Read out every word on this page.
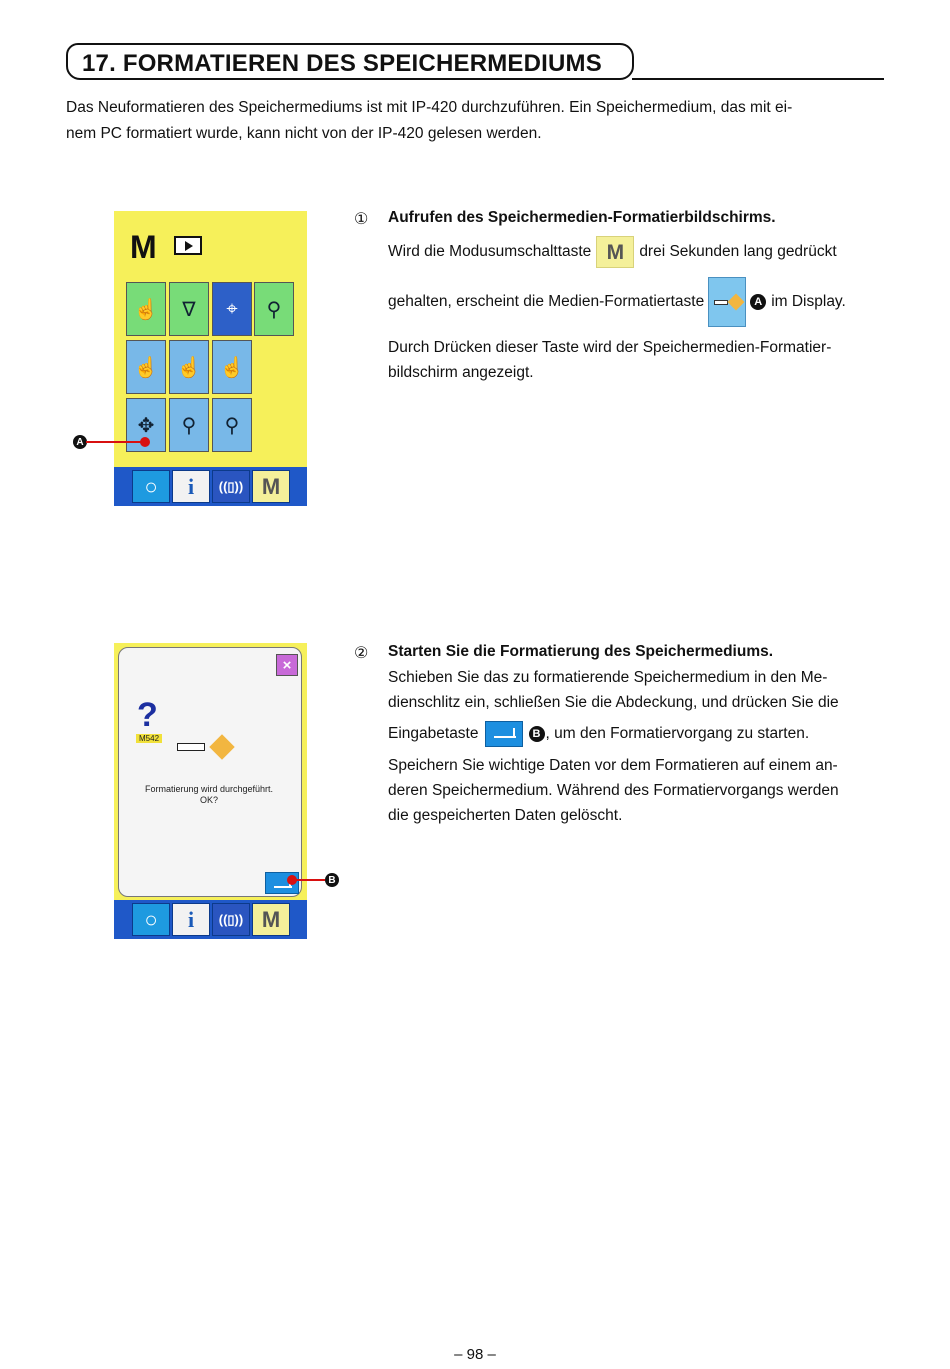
17. FORMATIEREN DES SPEICHERMEDIUMS
Das Neuformatieren des Speichermediums ist mit IP-420 durchzuführen. Ein Speichermedium, das mit ei-
nem PC formatiert wurde, kann nicht von der IP-420 gelesen werden.
M
☝	∇	⌖	⚲
☝ ☝ ☝
✥	⚲	⚲
○ i ((▯)) M
A
① Aufrufen des Speichermedien-Formatierbildschirms.
Wird die Modusumschalttaste M drei Sekunden lang gedrückt
gehalten, erscheint die Medien-Formatiertaste	A im Display.
Durch Drücken dieser Taste wird der Speichermedien-Formatier-
bildschirm angezeigt.
×
?
M542
Formatierung wird durchgeführt.
OK?
○ i ((▯)) M
B
② Starten Sie die Formatierung des Speichermediums.
Schieben Sie das zu formatierende Speichermedium in den Me-
dienschlitz ein, schließen Sie die Abdeckung, und drücken Sie die
Eingabetaste	B , um den Formatiervorgang zu starten.
Speichern Sie wichtige Daten vor dem Formatieren auf einem an-
deren Speichermedium. Während des Formatiervorgangs werden
die gespeicherten Daten gelöscht.
– 98 –
